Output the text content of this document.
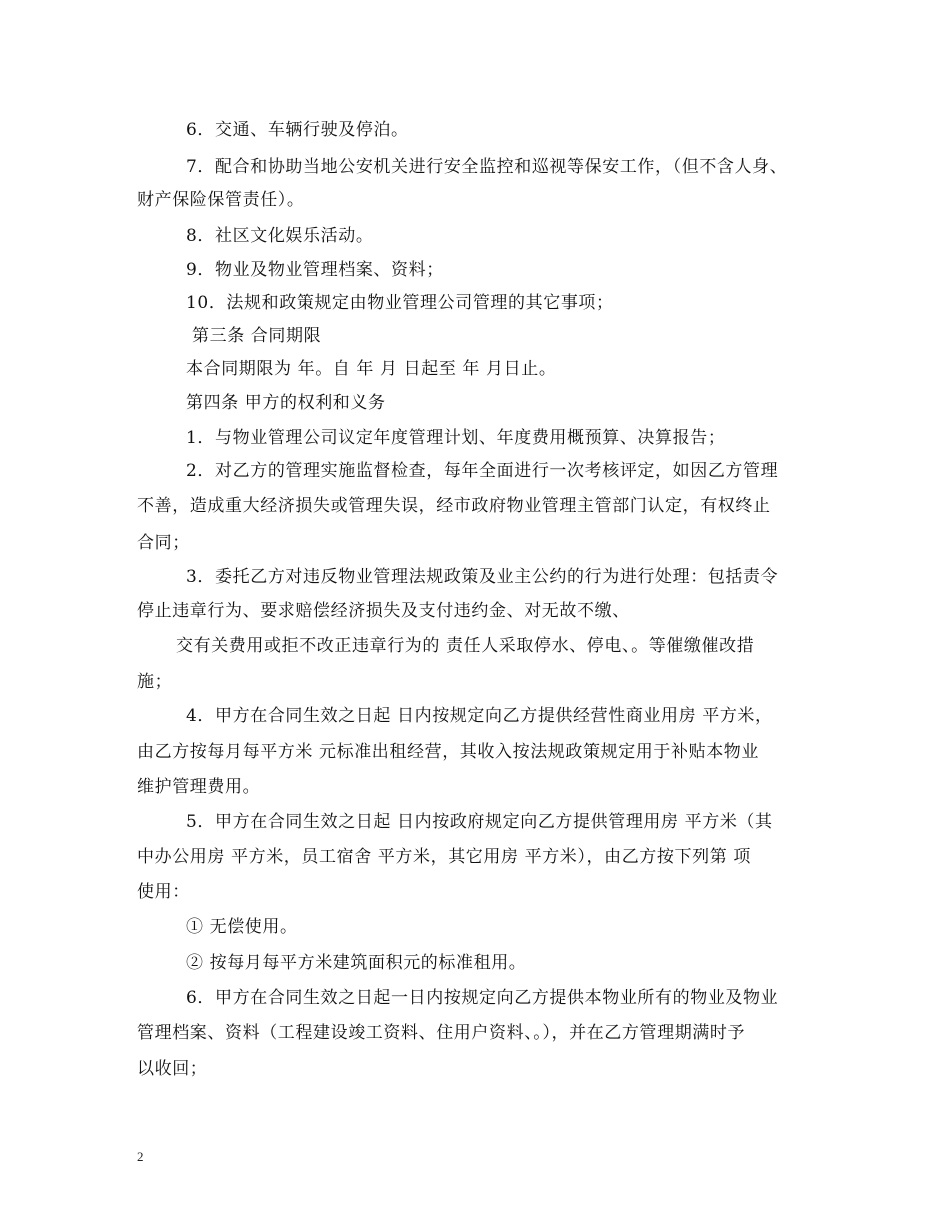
6．交通、车辆行驶及停泊。
7．配合和协助当地公安机关进行安全监控和巡视等保安工作，（但不含人身、
财产保险保管责任）。
8．社区文化娱乐活动。
9．物业及物业管理档案、资料；
10．法规和政策规定由物业管理公司管理的其它事项；
第三条 合同期限
本合同期限为 年。自 年 月 日起至 年 月日止。
第四条 甲方的权利和义务
1．与物业管理公司议定年度管理计划、年度费用概预算、决算报告；
2．对乙方的管理实施监督检查，每年全面进行一次考核评定，如因乙方管理
不善，造成重大经济损失或管理失误，经市政府物业管理主管部门认定，有权终止
合同；
3．委托乙方对违反物业管理法规政策及业主公约的行为进行处理：包括责令
停止违章行为、要求赔偿经济损失及支付违约金、对无故不缴、
交有关费用或拒不改正违章行为的 责任人采取停水、停电、。等催缴催改措
施；
4．甲方在合同生效之日起 日内按规定向乙方提供经营性商业用房 平方米，
由乙方按每月每平方米 元标准出租经营，其收入按法规政策规定用于补贴本物业
维护管理费用。
5．甲方在合同生效之日起 日内按政府规定向乙方提供管理用房 平方米（其
中办公用房 平方米，员工宿舍 平方米，其它用房 平方米），由乙方按下列第 项
使用：
① 无偿使用。
② 按每月每平方米建筑面积元的标准租用。
6．甲方在合同生效之日起一日内按规定向乙方提供本物业所有的物业及物业
管理档案、资料（工程建设竣工资料、住用户资料、。），并在乙方管理期满时予
以收回；
2
